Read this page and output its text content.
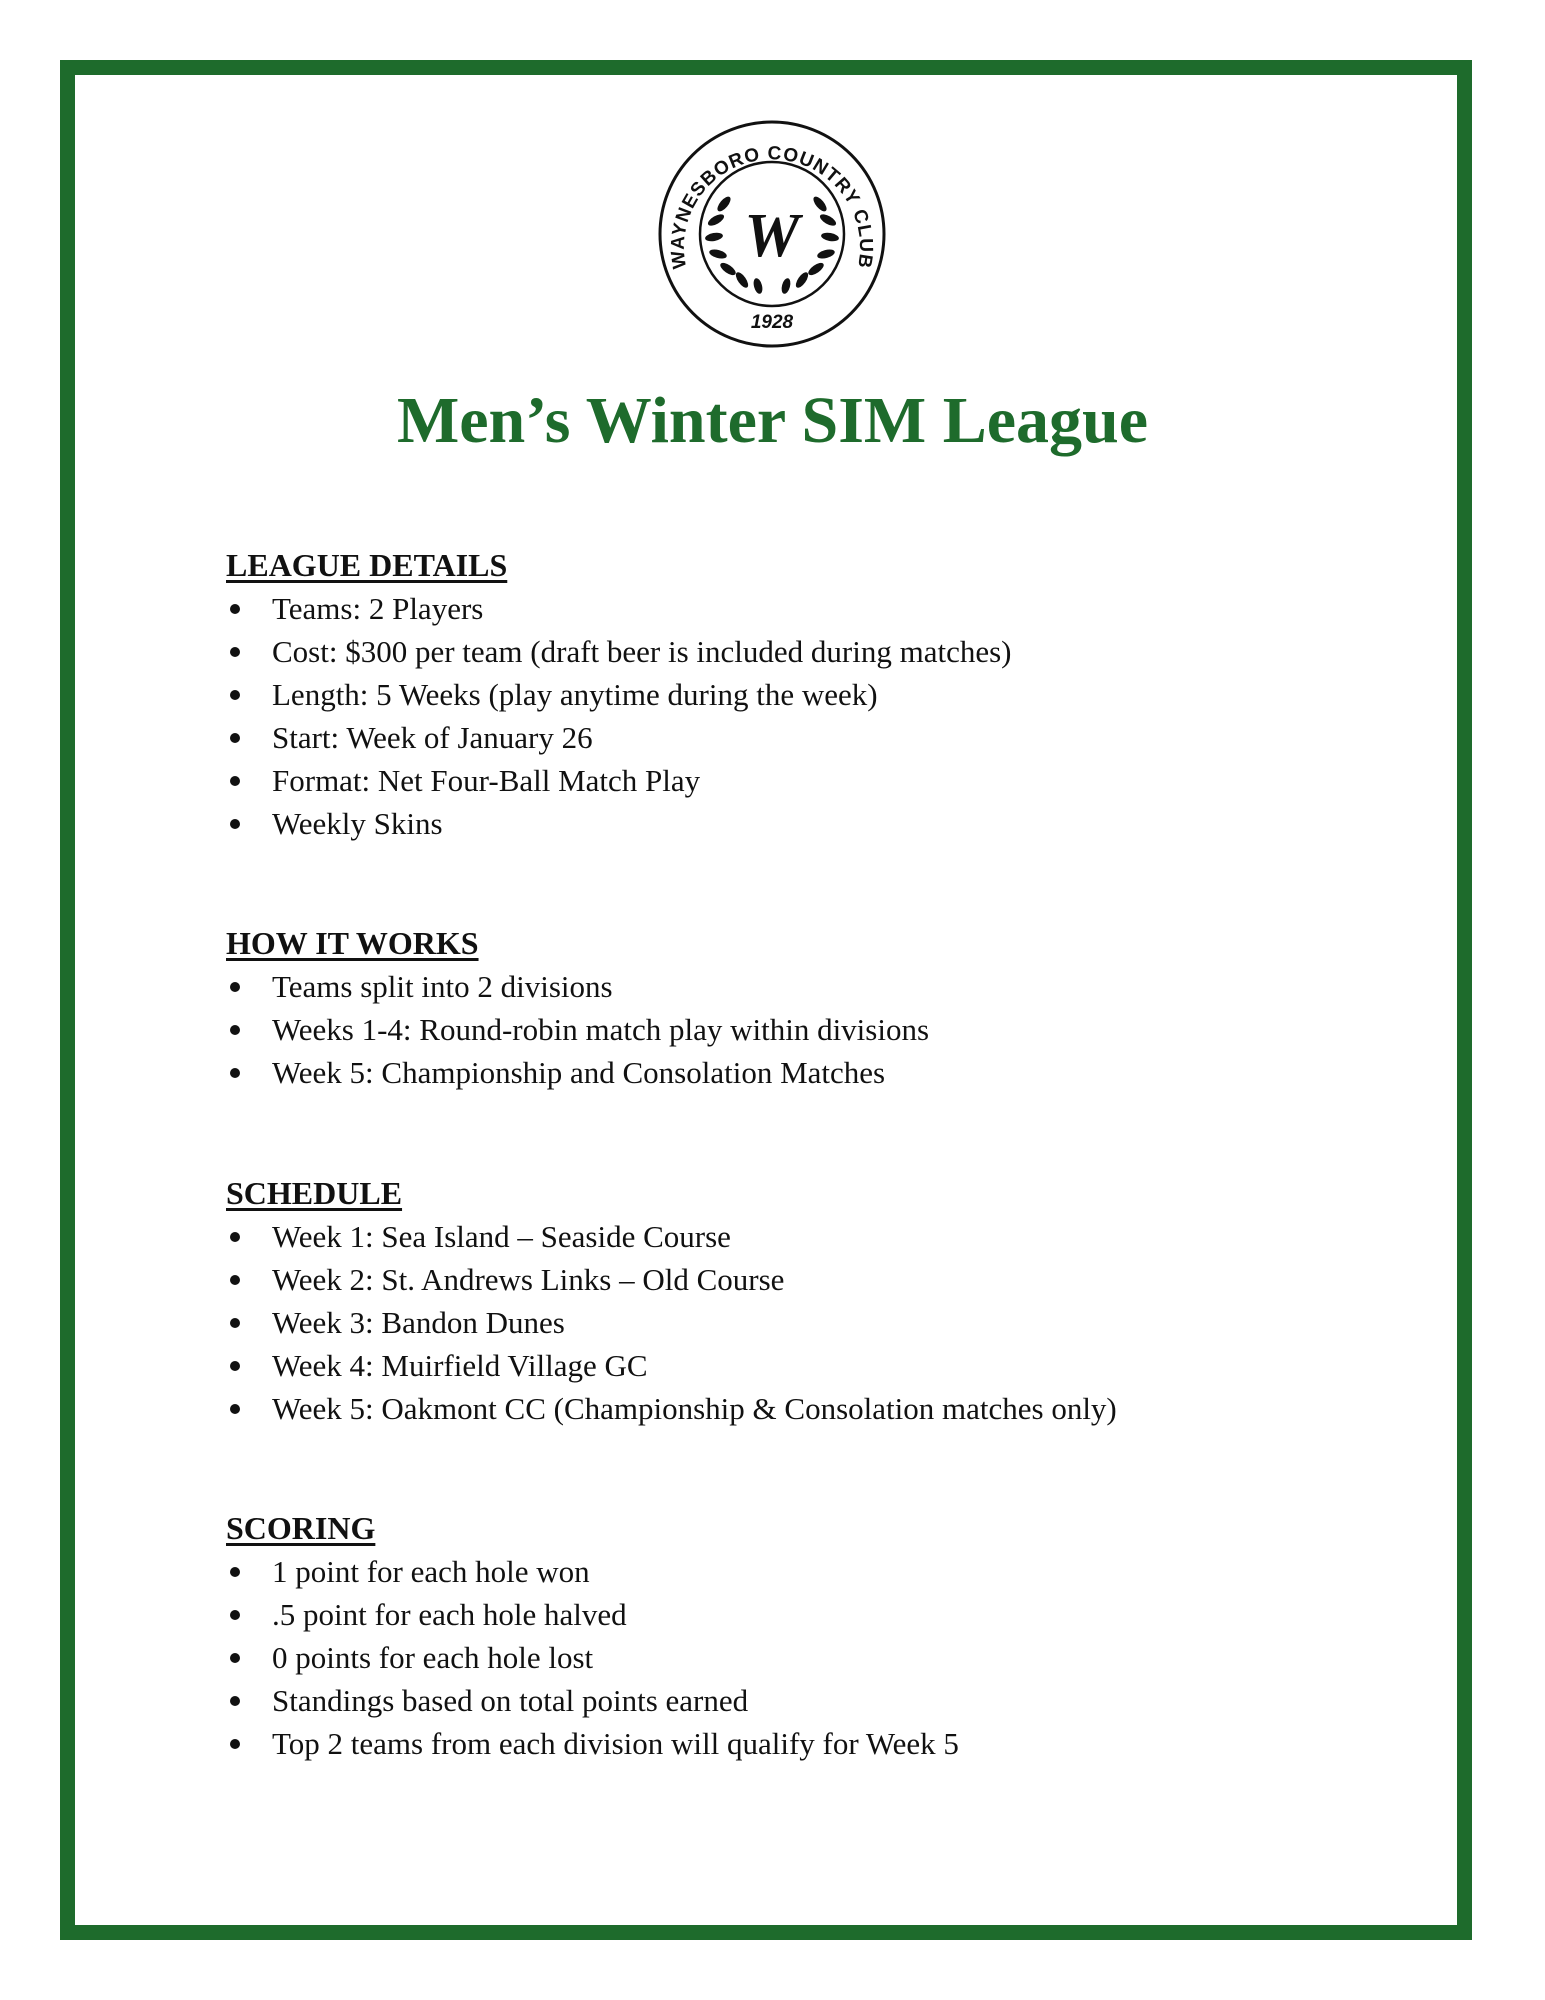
WAYNESBORO COUNTRY CLUB
W
1928
Men’s Winter SIM League
LEAGUE DETAILS
Teams: 2 Players
Cost: $300 per team (draft beer is included during matches)
Length: 5 Weeks (play anytime during the week)
Start: Week of January 26
Format: Net Four-Ball Match Play
Weekly Skins
HOW IT WORKS
Teams split into 2 divisions
Weeks 1-4: Round-robin match play within divisions
Week 5: Championship and Consolation Matches
SCHEDULE
Week 1: Sea Island – Seaside Course
Week 2: St. Andrews Links – Old Course
Week 3: Bandon Dunes
Week 4: Muirfield Village GC
Week 5: Oakmont CC (Championship & Consolation matches only)
SCORING
1 point for each hole won
.5 point for each hole halved
0 points for each hole lost
Standings based on total points earned
Top 2 teams from each division will qualify for Week 5
